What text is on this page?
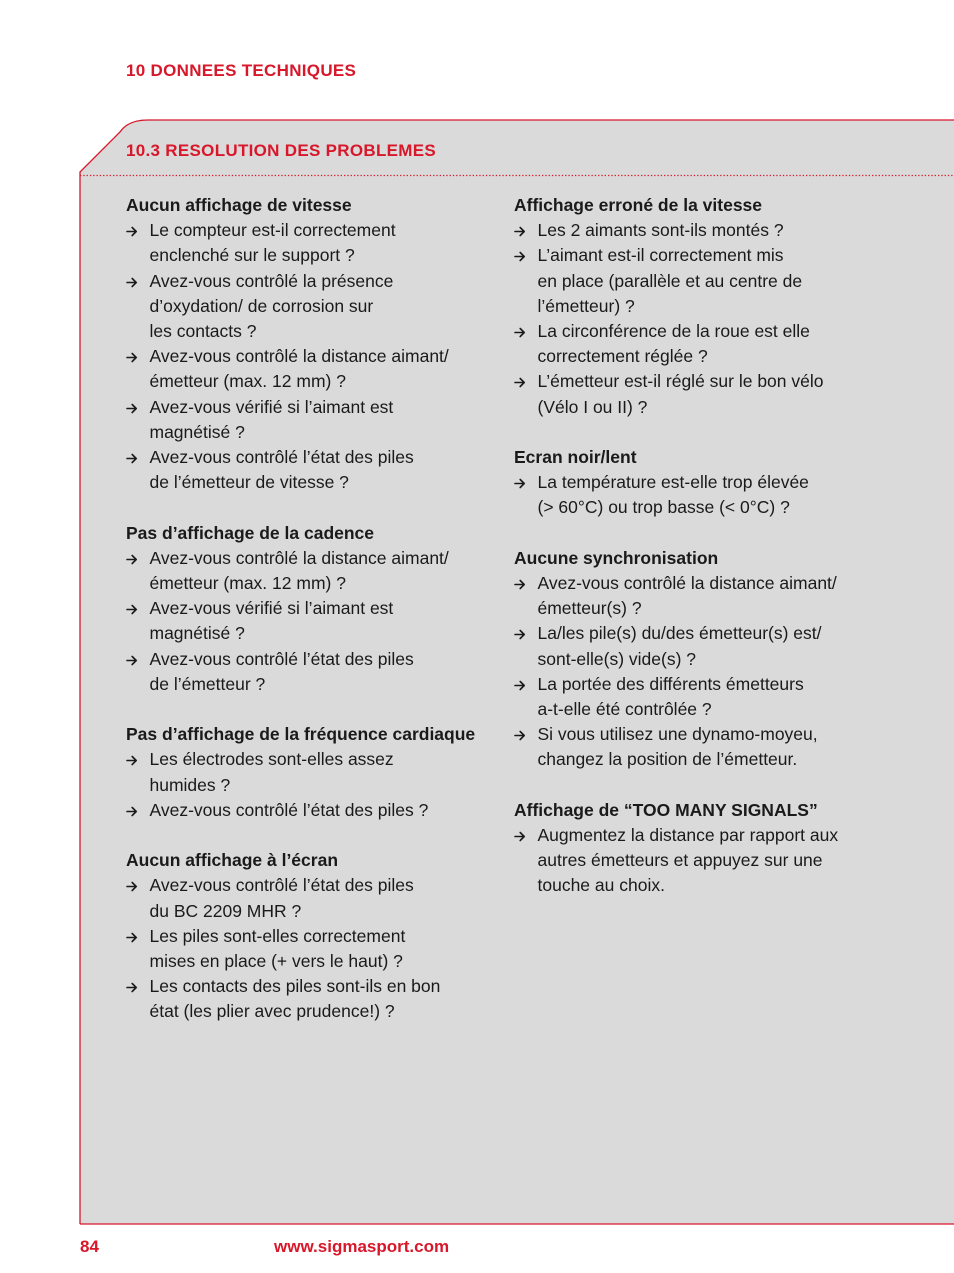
10 DONNEES TECHNIQUES
10.3 RESOLUTION DES PROBLEMES
Aucun affichage de vitesse
Le compteur est-il correctement
enclenché sur le support ?
Avez-vous contrôlé la présence
d’oxydation/ de corrosion sur
les contacts ?
Avez-vous contrôlé la distance aimant/
émetteur (max. 12 mm) ?
Avez-vous vérifié si l’aimant est
magnétisé ?
Avez-vous contrôlé l’état des piles
de l’émetteur de vitesse ?
Pas d’affichage de la cadence
Avez-vous contrôlé la distance aimant/
émetteur (max. 12 mm) ?
Avez-vous vérifié si l’aimant est
magnétisé ?
Avez-vous contrôlé l’état des piles
de l’émetteur ?
Pas d’affichage de la fréquence cardiaque
Les électrodes sont-elles assez
humides ?
Avez-vous contrôlé l’état des piles ?
Aucun affichage à l’écran
Avez-vous contrôlé l’état des piles
du BC 2209 MHR ?
Les piles sont-elles correctement
mises en place (+ vers le haut) ?
Les contacts des piles sont-ils en bon
état (les plier avec prudence!) ?
Affichage erroné de la vitesse
Les 2 aimants sont-ils montés ?
L’aimant est-il correctement mis
en place (parallèle et au centre de
l’émetteur) ?
La circonférence de la roue est elle
correctement réglée ?
L’émetteur est-il réglé sur le bon vélo
(Vélo I ou II) ?
Ecran noir/lent
La température est-elle trop élevée
(> 60°C) ou trop basse (< 0°C) ?
Aucune synchronisation
Avez-vous contrôlé la distance aimant/
émetteur(s) ?
La/les pile(s) du/des émetteur(s) est/
sont-elle(s) vide(s) ?
La portée des différents émetteurs
a-t-elle été contrôlée ?
Si vous utilisez une dynamo-moyeu,
changez la position de l’émetteur.
Affichage de “TOO MANY SIGNALS”
Augmentez la distance par rapport aux
autres émetteurs et appuyez sur une
touche au choix.
84	www.sigmasport.com
